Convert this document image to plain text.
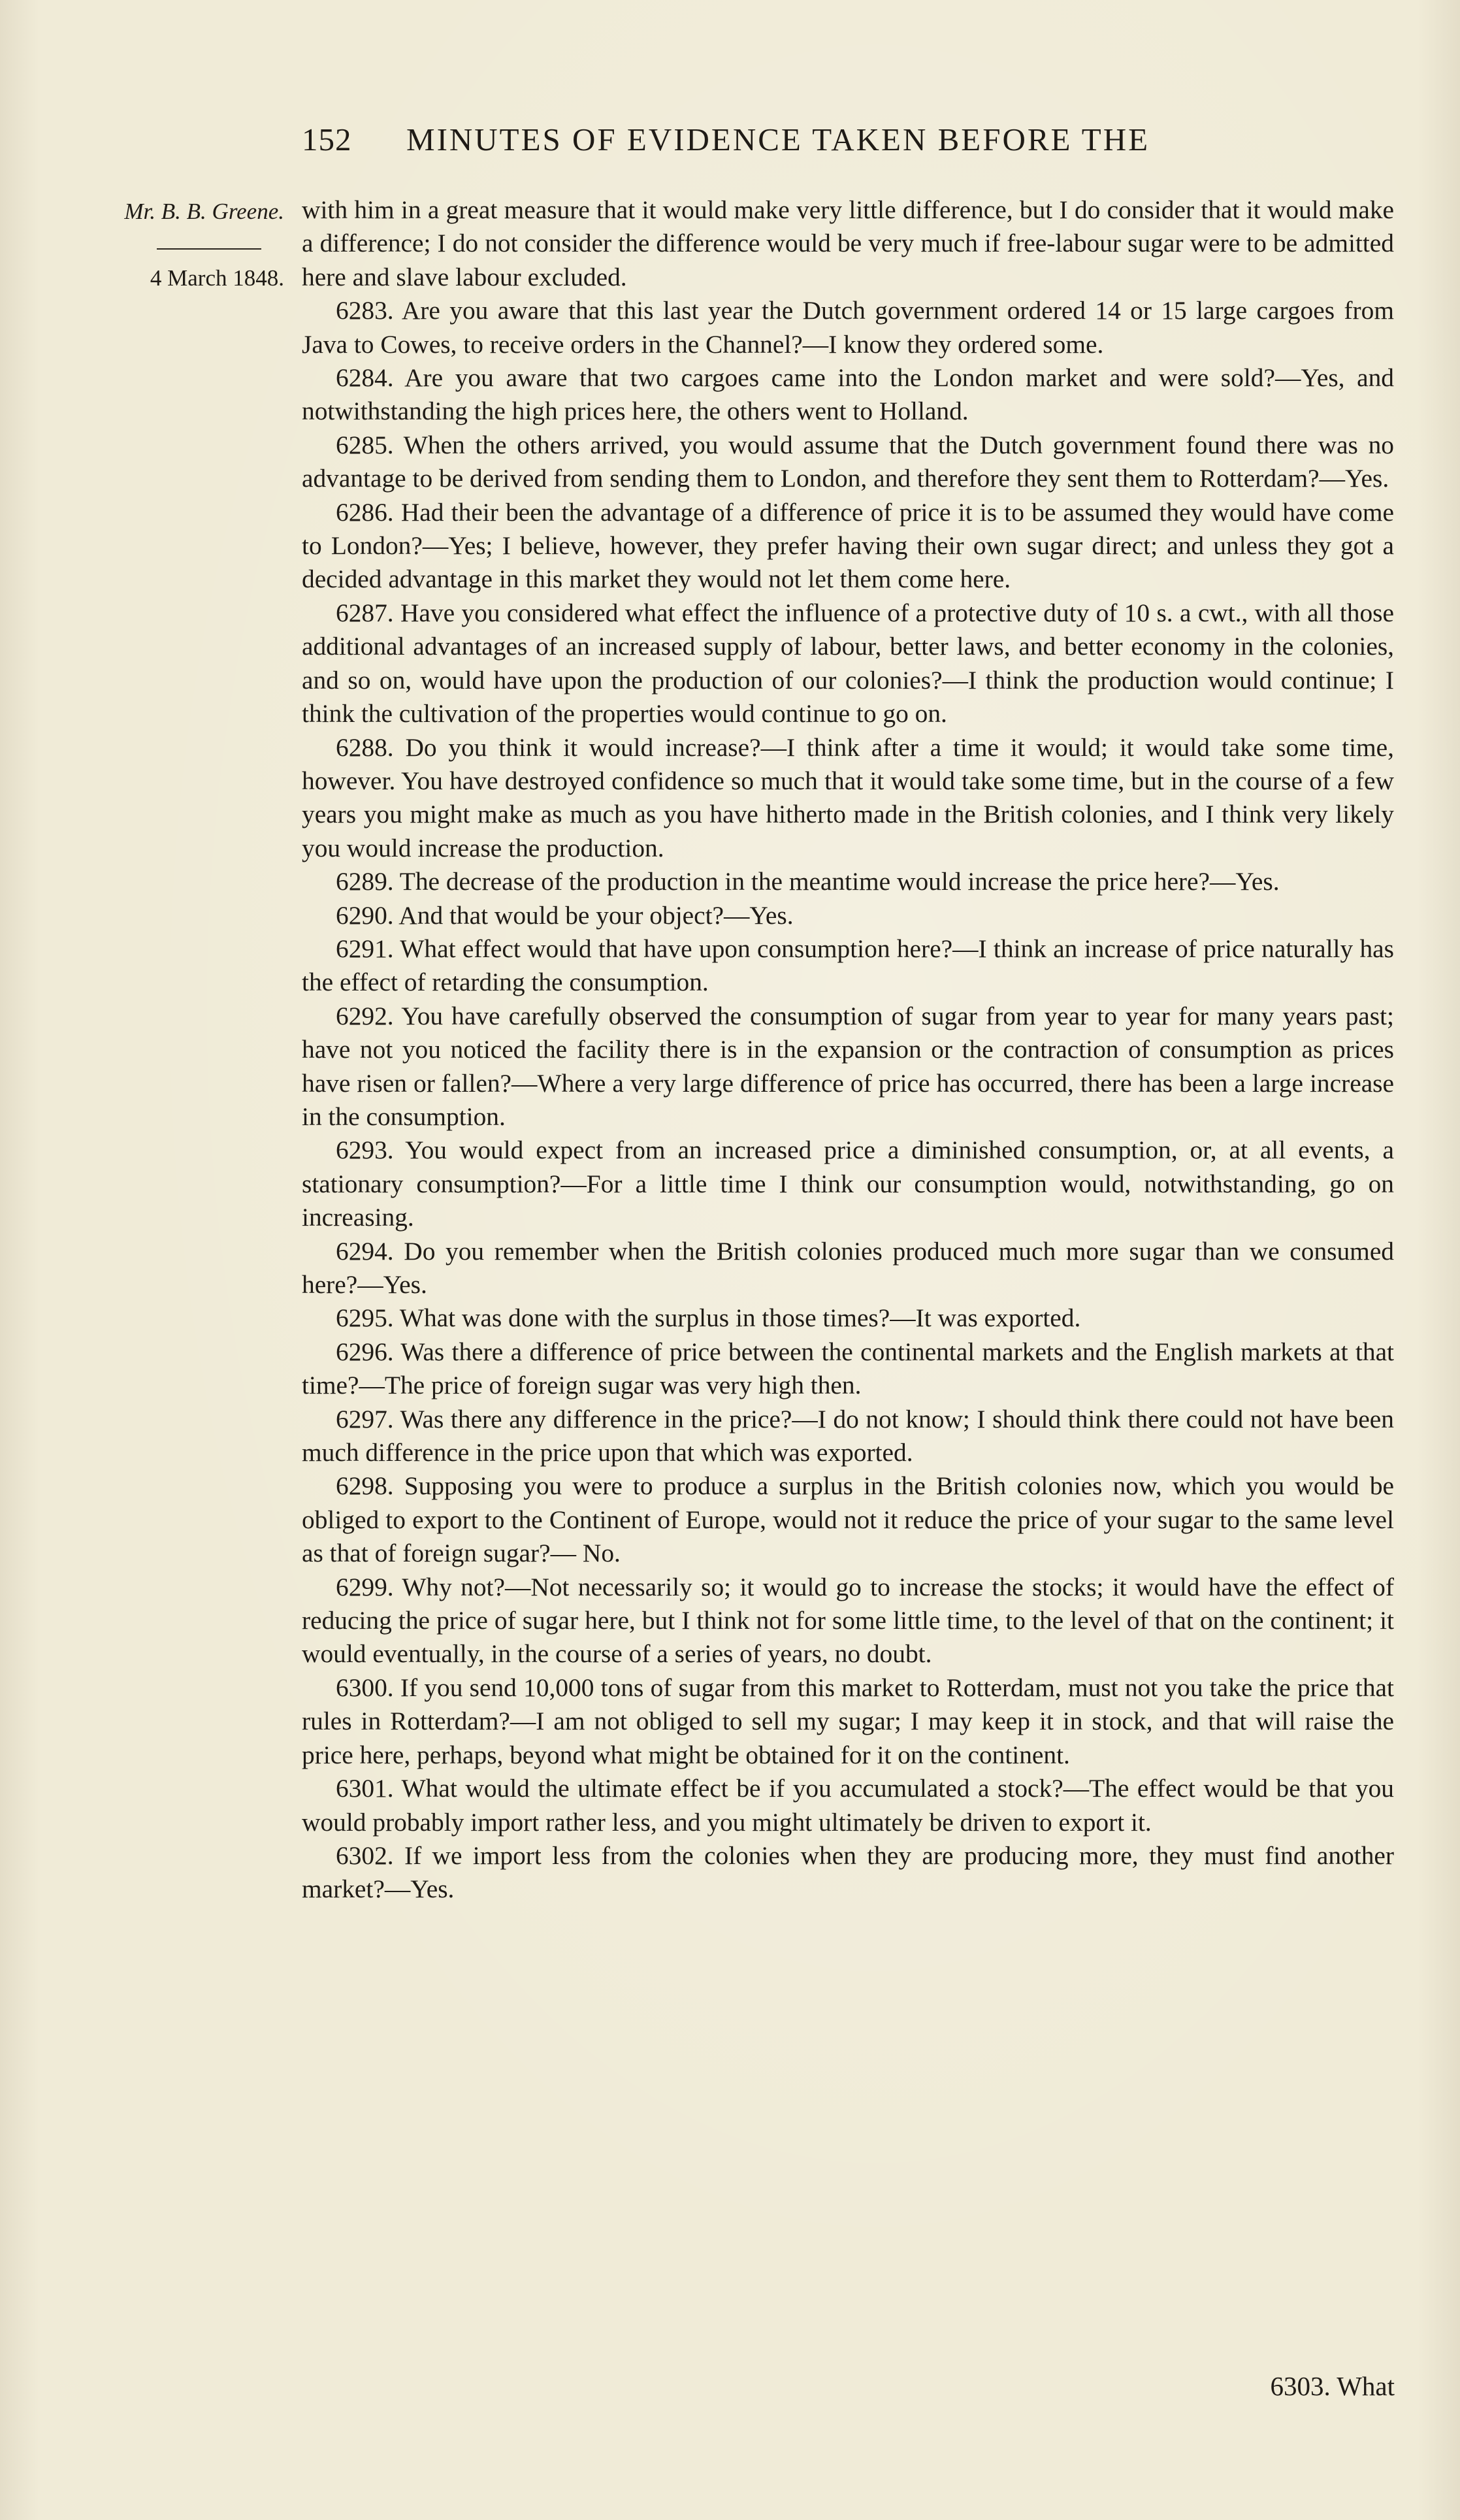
152 MINUTES OF EVIDENCE TAKEN BEFORE THE
Mr. B. B. Greene.
4 March 1848.

with him in a great measure that it would make very little difference, but I do consider that it would make a difference; I do not consider the difference would be very much if free-labour sugar were to be admitted here and slave labour excluded.

6283. Are you aware that this last year the Dutch government ordered 14 or 15 large cargoes from Java to Cowes, to receive orders in the Channel?—I know they ordered some.

6284. Are you aware that two cargoes came into the London market and were sold?—Yes, and notwithstanding the high prices here, the others went to Holland.

6285. When the others arrived, you would assume that the Dutch government found there was no advantage to be derived from sending them to London, and therefore they sent them to Rotterdam?—Yes.

6286. Had their been the advantage of a difference of price it is to be assumed they would have come to London?—Yes; I believe, however, they prefer having their own sugar direct; and unless they got a decided advantage in this market they would not let them come here.

6287. Have you considered what effect the influence of a protective duty of 10 s. a cwt., with all those additional advantages of an increased supply of labour, better laws, and better economy in the colonies, and so on, would have upon the production of our colonies?—I think the production would continue; I think the cultivation of the properties would continue to go on.

6288. Do you think it would increase?—I think after a time it would; it would take some time, however. You have destroyed confidence so much that it would take some time, but in the course of a few years you might make as much as you have hitherto made in the British colonies, and I think very likely you would increase the production.

6289. The decrease of the production in the meantime would increase the price here?—Yes.

6290. And that would be your object?—Yes.

6291. What effect would that have upon consumption here?—I think an increase of price naturally has the effect of retarding the consumption.

6292. You have carefully observed the consumption of sugar from year to year for many years past; have not you noticed the facility there is in the expansion or the contraction of consumption as prices have risen or fallen?—Where a very large difference of price has occurred, there has been a large increase in the consumption.

6293. You would expect from an increased price a diminished consumption, or, at all events, a stationary consumption?—For a little time I think our consumption would, notwithstanding, go on increasing.

6294. Do you remember when the British colonies produced much more sugar than we consumed here?—Yes.

6295. What was done with the surplus in those times?—It was exported.

6296. Was there a difference of price between the continental markets and the English markets at that time?—The price of foreign sugar was very high then.

6297. Was there any difference in the price?—I do not know; I should think there could not have been much difference in the price upon that which was exported.

6298. Supposing you were to produce a surplus in the British colonies now, which you would be obliged to export to the Continent of Europe, would not it reduce the price of your sugar to the same level as that of foreign sugar?— No.

6299. Why not?—Not necessarily so; it would go to increase the stocks; it would have the effect of reducing the price of sugar here, but I think not for some little time, to the level of that on the continent; it would eventually, in the course of a series of years, no doubt.

6300. If you send 10,000 tons of sugar from this market to Rotterdam, must not you take the price that rules in Rotterdam?—I am not obliged to sell my sugar; I may keep it in stock, and that will raise the price here, perhaps, beyond what might be obtained for it on the continent.

6301. What would the ultimate effect be if you accumulated a stock?—The effect would be that you would probably import rather less, and you might ultimately be driven to export it.

6302. If we import less from the colonies when they are producing more, they must find another market?—Yes.

6303. What
